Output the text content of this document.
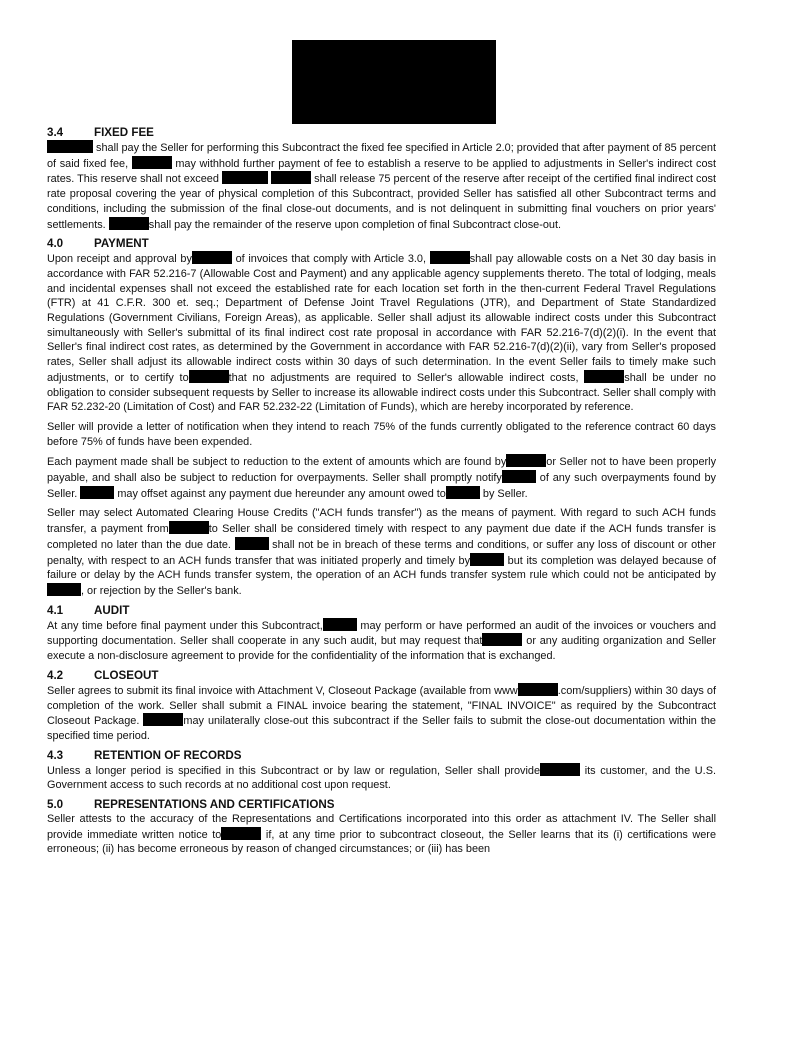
3.4	FIXED FEE

shall pay the Seller for performing this Subcontract the fixed fee specified in Article 2.0; provided that after payment of 85 percent of said fixed fee,	may withhold further payment of fee to establish a reserve to be applied to adjustments in Seller's indirect cost rates. This reserve shall not exceed	shall release 75 percent of the reserve after receipt of the certified final indirect cost rate proposal covering the year of physical completion of this Subcontract, provided Seller has satisfied all other Subcontract terms and conditions, including the submission of the final close-out documents, and is not delinquent in submitting final vouchers on prior years' settlements.	shall pay the remainder of the reserve upon completion of final Subcontract close-out.

4.0	PAYMENT

Upon receipt and approval by	of invoices that comply with Article 3.0,	shall pay allowable costs on a Net 30 day basis in accordance with FAR 52.216-7 (Allowable Cost and Payment) and any applicable agency supplements thereto. The total of lodging, meals and incidental expenses shall not exceed the established rate for each location set forth in the then-current Federal Travel Regulations (FTR) at 41 C.F.R. 300 et. seq.; Department of Defense Joint Travel Regulations (JTR), and Department of State Standardized Regulations (Government Civilians, Foreign Areas), as applicable. Seller shall adjust its allowable indirect costs under this Subcontract simultaneously with Seller's submittal of its final indirect cost rate proposal in accordance with FAR 52.216-7(d)(2)(i). In the event that Seller's final indirect cost rates, as determined by the Government in accordance with FAR 52.216-7(d)(2)(ii), vary from Seller's proposed rates, Seller shall adjust its allowable indirect costs within 30 days of such determination. In the event Seller fails to timely make such adjustments, or to certify to	that no adjustments are required to Seller's allowable indirect costs,	shall be under no obligation to consider subsequent requests by Seller to increase its allowable indirect costs under this Subcontract. Seller shall comply with FAR 52.232-20 (Limitation of Cost) and FAR 52.232-22 (Limitation of Funds), which are hereby incorporated by reference.

Seller will provide a letter of notification when they intend to reach 75% of the funds currently obligated to the reference contract 60 days before 75% of funds have been expended.

Each payment made shall be subject to reduction to the extent of amounts which are found by	or Seller not to have been properly payable, and shall also be subject to reduction for overpayments. Seller shall promptly notify	of any such overpayments found by Seller.	may offset against any payment due hereunder any amount owed to	by Seller.

Seller may select Automated Clearing House Credits ("ACH funds transfer") as the means of payment. With regard to such ACH funds transfer, a payment from	to Seller shall be considered timely with respect to any payment due date if the ACH funds transfer is completed no later than the due date.	shall not be in breach of these terms and conditions, or suffer any loss of discount or other penalty, with respect to an ACH funds transfer that was initiated properly and timely by	but its completion was delayed because of failure or delay by the ACH funds transfer system, the operation of an ACH funds transfer system rule which could not be anticipated by, or rejection by the Seller's bank.

4.1	AUDIT

At any time before final payment under this Subcontract,	may perform or have performed an audit of the invoices or vouchers and supporting documentation. Seller shall cooperate in any such audit, but may request that	or any auditing organization and Seller execute a non-disclosure agreement to provide for the confidentiality of the information that is exchanged.

4.2	CLOSEOUT

Seller agrees to submit its final invoice with Attachment V, Closeout Package (available from www	.com/suppliers) within 30 days of completion of the work. Seller shall submit a FINAL invoice bearing the statement, "FINAL INVOICE" as required by the Subcontract Closeout Package.	may unilaterally close-out this subcontract if the Seller fails to submit the close-out documentation within the specified time period.

4.3	RETENTION OF RECORDS

Unless a longer period is specified in this Subcontract or by law or regulation, Seller shall provide	its customer, and the U.S. Government access to such records at no additional cost upon request.

5.0	REPRESENTATIONS AND CERTIFICATIONS

Seller attests to the accuracy of the Representations and Certifications incorporated into this order as attachment IV. The Seller shall provide immediate written notice to	if, at any time prior to subcontract closeout, the Seller learns that its (i) certifications were erroneous; (ii) has become erroneous by reason of changed circumstances; or (iii) has been
